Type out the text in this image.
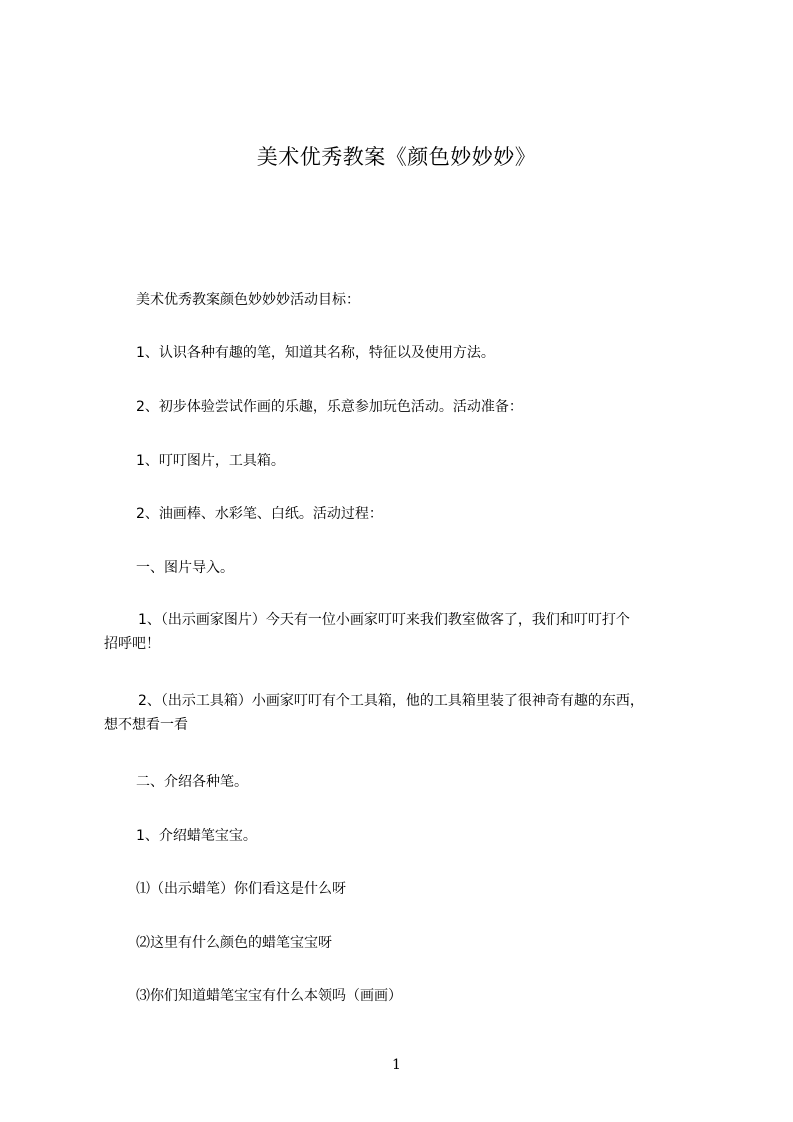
美术优秀教案《颜色妙妙妙》
美术优秀教案颜色妙妙妙活动目标：
1、认识各种有趣的笔，知道其名称，特征以及使用方法。
2、初步体验尝试作画的乐趣，乐意参加玩色活动。活动准备：
1、叮叮图片，工具箱。
2、油画棒、水彩笔、白纸。活动过程：
一、图片导入。
1、（出示画家图片）今天有一位小画家叮叮来我们教室做客了，我们和叮叮打个
招呼吧！
2、（出示工具箱）小画家叮叮有个工具箱，他的工具箱里装了很神奇有趣的东西，
想不想看一看
二、介绍各种笔。
1、介绍蜡笔宝宝。
⑴（出示蜡笔）你们看这是什么呀
⑵这里有什么颜色的蜡笔宝宝呀
⑶你们知道蜡笔宝宝有什么本领吗（画画）
1
